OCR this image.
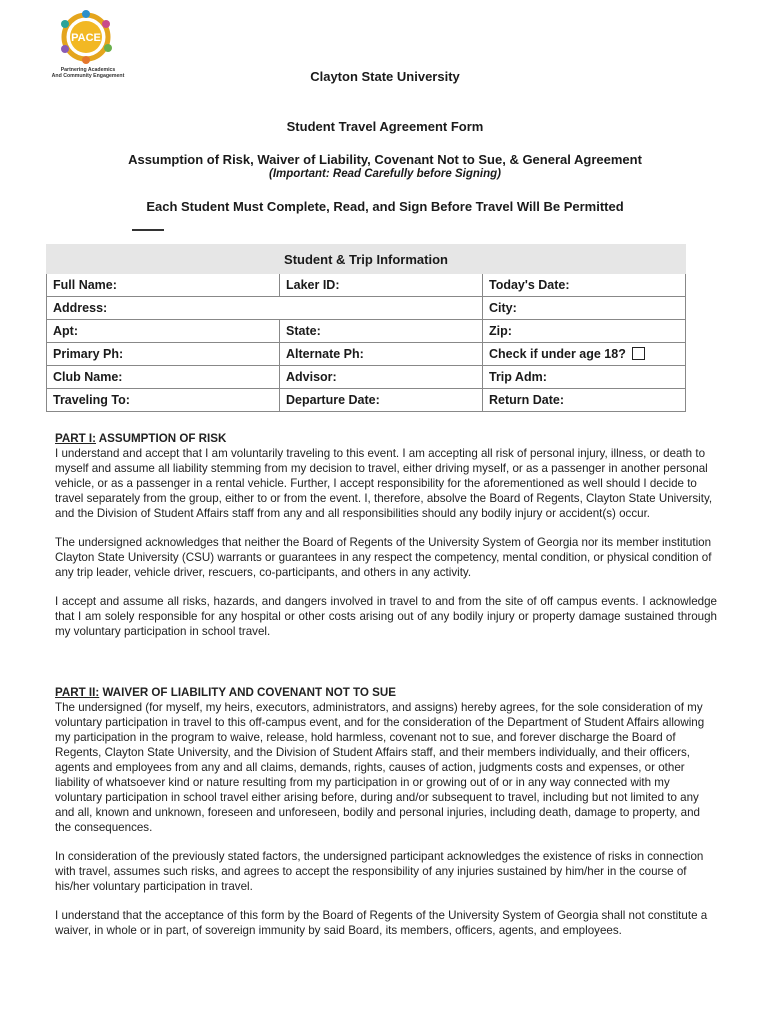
PACE
Partnering Academics
And Community Engagement	Clayton State University
Student Travel Agreement Form
Assumption of Risk, Waiver of Liability, Covenant Not to Sue, & General Agreement
(Important: Read Carefully before Signing)
Each Student Must Complete, Read, and Sign Before Travel Will Be Permitted
Student & Trip Information		
Full Name:	Laker ID:	Today's Date:
Address:		City:
Apt:	State:	Zip:
Primary Ph:	Alternate Ph:	Check if under age 18?
Club Name:	Advisor:	Trip Adm:
Traveling To:	Departure Date:	Return Date:
PART I: ASSUMPTION OF RISK

I understand and accept that I am voluntarily traveling to this event. I am accepting all risk of personal injury, illness, or death to myself and assume all liability stemming from my decision to travel, either driving myself, or as a passenger in another personal vehicle, or as a passenger in a rental vehicle. Further, I accept responsibility for the aforementioned as well should I decide to travel separately from the group, either to or from the event. I, therefore, absolve the Board of Regents, Clayton State University, and the Division of Student Affairs staff from any and all responsibilities should any bodily injury or accident(s) occur.

The undersigned acknowledges that neither the Board of Regents of the University System of Georgia nor its member institution Clayton State University (CSU) warrants or guarantees in any respect the competency, mental condition, or physical condition of any trip leader, vehicle driver, rescuers, co-participants, and others in any activity.

I accept and assume all risks, hazards, and dangers involved in travel to and from the site of off campus events. I acknowledge that I am solely responsible for any hospital or other costs arising out of any bodily injury or property damage sustained through my voluntary participation in school travel.

PART II: WAIVER OF LIABILITY AND COVENANT NOT TO SUE

The undersigned (for myself, my heirs, executors, administrators, and assigns) hereby agrees, for the sole consideration of my voluntary participation in travel to this off-campus event, and for the consideration of the Department of Student Affairs allowing my participation in the program to waive, release, hold harmless, covenant not to sue, and forever discharge the Board of Regents, Clayton State University, and the Division of Student Affairs staff, and their members individually, and their officers, agents and employees from any and all claims, demands, rights, causes of action, judgments costs and expenses, or other liability of whatsoever kind or nature resulting from my participation in or growing out of or in any way connected with my voluntary participation in school travel either arising before, during and/or subsequent to travel, including but not limited to any and all, known and unknown, foreseen and unforeseen, bodily and personal injuries, including death, damage to property, and the consequences.

In consideration of the previously stated factors, the undersigned participant acknowledges the existence of risks in connection with travel, assumes such risks, and agrees to accept the responsibility of any injuries sustained by him/her in the course of his/her voluntary participation in travel.

I understand that the acceptance of this form by the Board of Regents of the University System of Georgia shall not constitute a waiver, in whole or in part, of sovereign immunity by said Board, its members, officers, agents, and employees.
